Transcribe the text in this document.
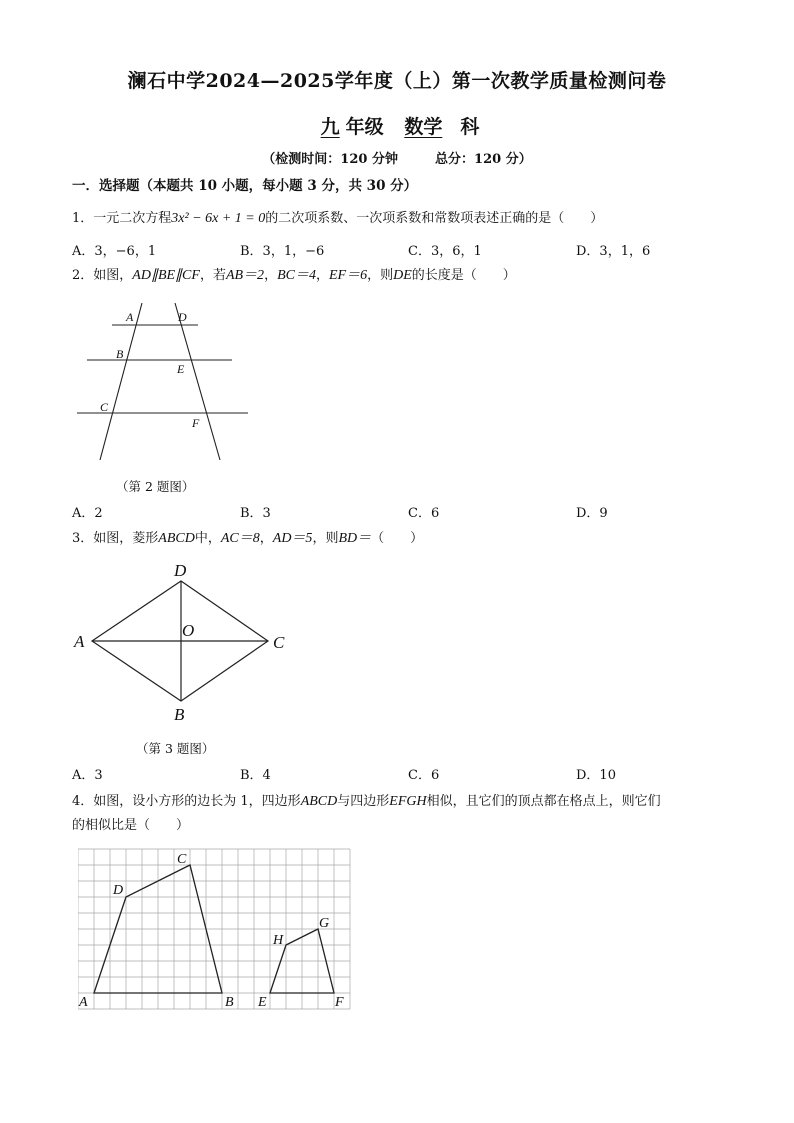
澜石中学2024—2025学年度（上）第一次教学质量检测问卷
九 年级 数学 科
（检测时间：120 分钟	总分：120 分）
一．选择题（本题共 10 小题，每小题 3 分，共 30 分）
1．一元二次方程3x² − 6x + 1 = 0的二次项系数、一次项系数和常数项表述正确的是（　　）
A．3，−6，1	B．3，1，−6	C．3，6，1	D．3，1，6
2．如图，AD∥BE∥CF，若AB＝2，BC＝4，EF＝6，则DE的长度是（　　）
A	D
B
E
C
F
（第 2 题图）
A．2	B．3	C．6	D．9
3．如图，菱形ABCD中，AC＝8，AD＝5，则BD＝（　　）
D
A
O
C
B
（第 3 题图）
A．3	B．4	C．6	D．10
4．如图，设小方形的边长为 1，四边形ABCD与四边形EFGH相似，且它们的顶点都在格点上，则它们
的相似比是（　　）
C
D
H
G
A	B E	F
